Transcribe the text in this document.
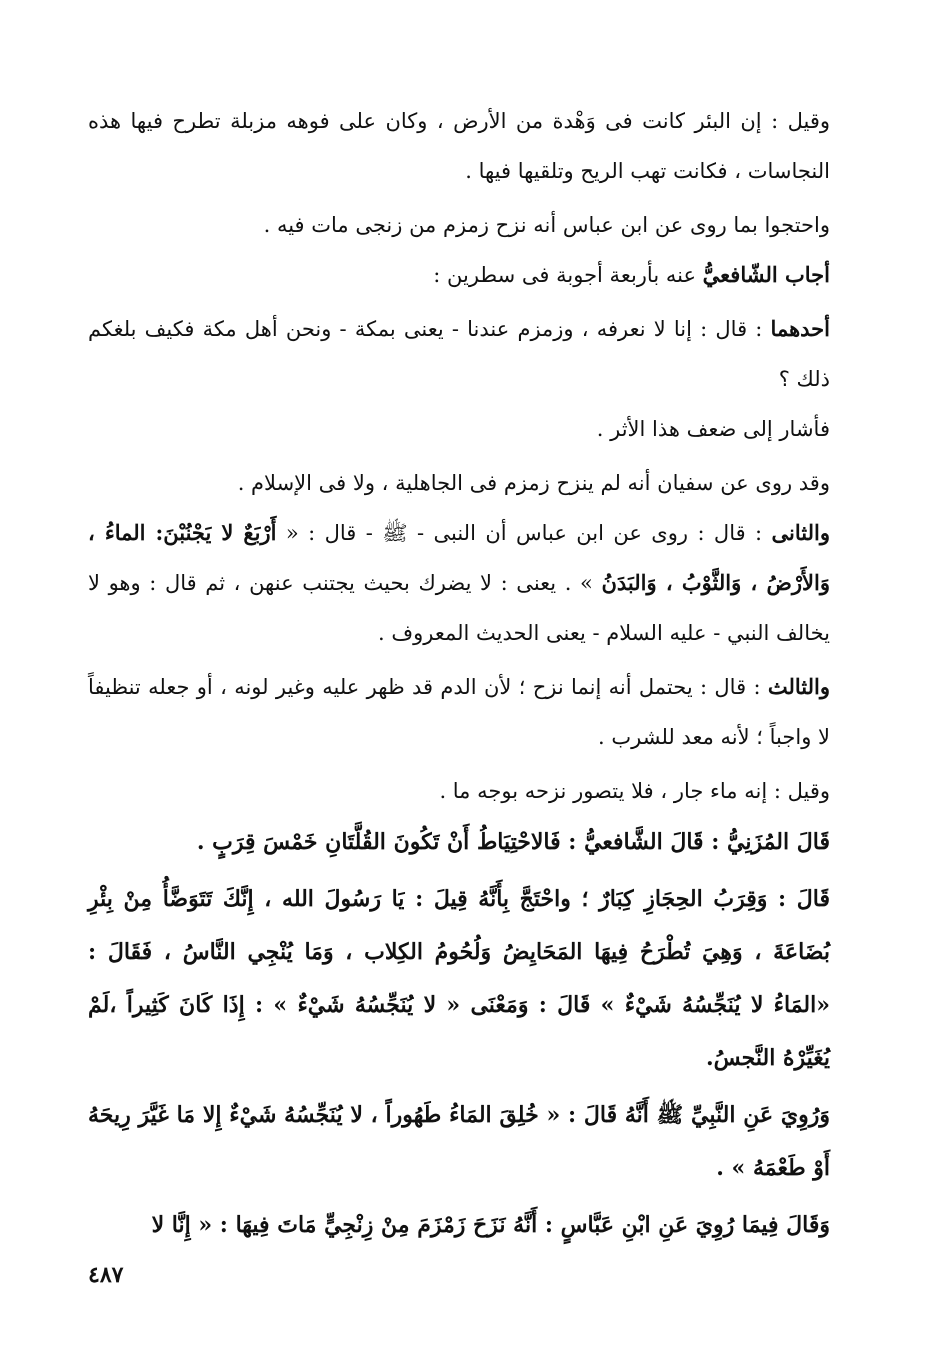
وقيل : إن البئر كانت فى وَهْدة من الأرض ، وكان على فوهه مزبلة تطرح فيها هذه النجاسات ، فكانت تهب الريح وتلقيها فيها .

واحتجوا بما روى عن ابن عباس أنه نزح زمزم من زنجى مات فيه .

أجاب الشّافعيُّ عنه بأربعة أجوبة فى سطرين :

أحدهما : قال : إنا لا نعرفه ، وزمزم عندنا - يعنى بمكة - ونحن أهل مكة فكيف بلغكم ذلك ؟

فأشار إلى ضعف هذا الأثر .

وقد روى عن سفيان أنه لم ينزح زمزم فى الجاهلية ، ولا فى الإسلام .

والثانى : قال : روى عن ابن عباس أن النبى - ﷺ - قال : « أَرْبَعٌ لا يَجْنُبْنَ: الماءُ ، وَالأَرْضُ ، وَالثَّوْبُ ، وَالبَدَنُ » . يعنى : لا يضرك بحيث يجتنب عنهن ، ثم قال : وهو لا يخالف النبي - عليه السلام - يعنى الحديث المعروف .

والثالث : قال : يحتمل أنه إنما نزح ؛ لأن الدم قد ظهر عليه وغير لونه ، أو جعله تنظيفاً لا واجباً ؛ لأنه معد للشرب .

وقيل : إنه ماء جار ، فلا يتصور نزحه بوجه ما .

قَالَ المُزَنِيُّ : قَالَ الشَّافعيُّ : فَالاحْتِيَاطُ أَنْ تَكُونَ القُلَّتَانِ خَمْسَ قِرَبٍ .

قَالَ : وَقِرَبُ الحِجَازِ كِبَارٌ ؛ واحْتَجَّ بِأَنَّهُ قِيلَ : يَا رَسُولَ الله ، إِنَّكَ تَتَوَضَّأُ مِنْ بِئْرِ بُضَاعَةَ ، وَهِيَ تُطْرَحُ فِيهَا المَحَايِضُ وَلُحُومُ الكِلاب ، وَمَا يُنْجِي النَّاسُ ، فَقَالَ : «المَاءُ لا يُنَجِّسُهُ شَيْءٌ » قَالَ : وَمَعْنَى « لا يُنَجِّسُهُ شَيْءٌ » : إِذَا كَانَ كَثِيراً ،لَمْ يُغَيِّرْهُ النَّجسُ.

وَرُوِيَ عَنِ النَّبِيِّ ﷺ أَنَّهُ قَالَ : « خُلِقَ المَاءُ طَهُوراً ، لا يُنَجِّسُهُ شَيْءٌ إِلا مَا غَيَّرَ رِيحَهُ أَوْ طَعْمَهُ » .

وَقَالَ فِيمَا رُوِيَ عَنِ ابْنِ عَبَّاسٍ : أَنَّهُ نَزَحَ زَمْزَمَ مِنْ زِنْجِيٍّ مَاتَ فِيهَا : « إِنَّا لا

٤٨٧
